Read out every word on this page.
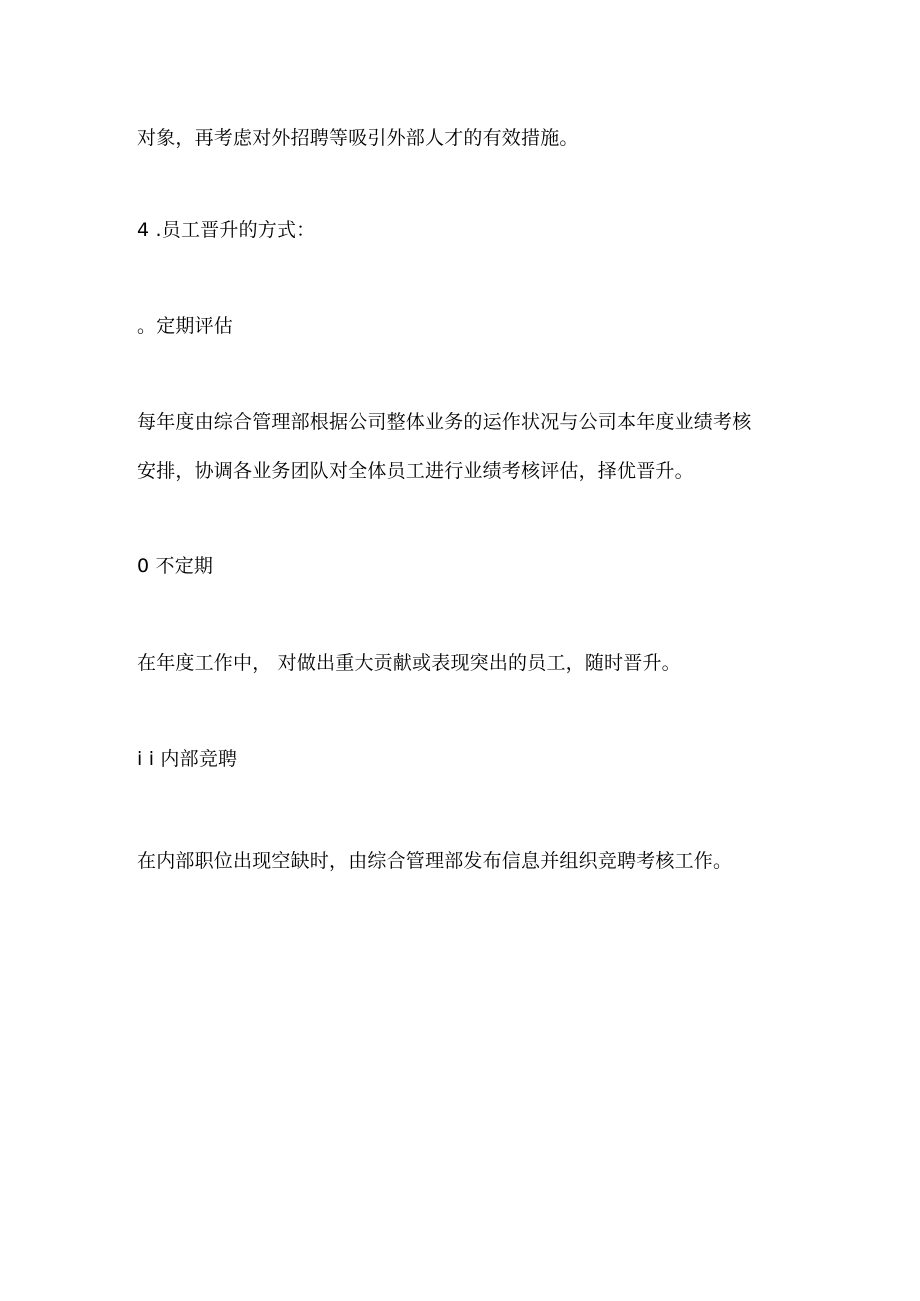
对象，再考虑对外招聘等吸引外部人才的有效措施。
4 .员工晋升的方式：
。定期评估
每年度由综合管理部根据公司整体业务的运作状况与公司本年度业绩考核
安排，协调各业务团队对全体员工进行业绩考核评估，择优晋升。
0 不定期
在年度工作中， 对做出重大贡献或表现突出的员工，随时晋升。
i i 内部竞聘
在内部职位出现空缺时，由综合管理部发布信息并组织竞聘考核工作。
